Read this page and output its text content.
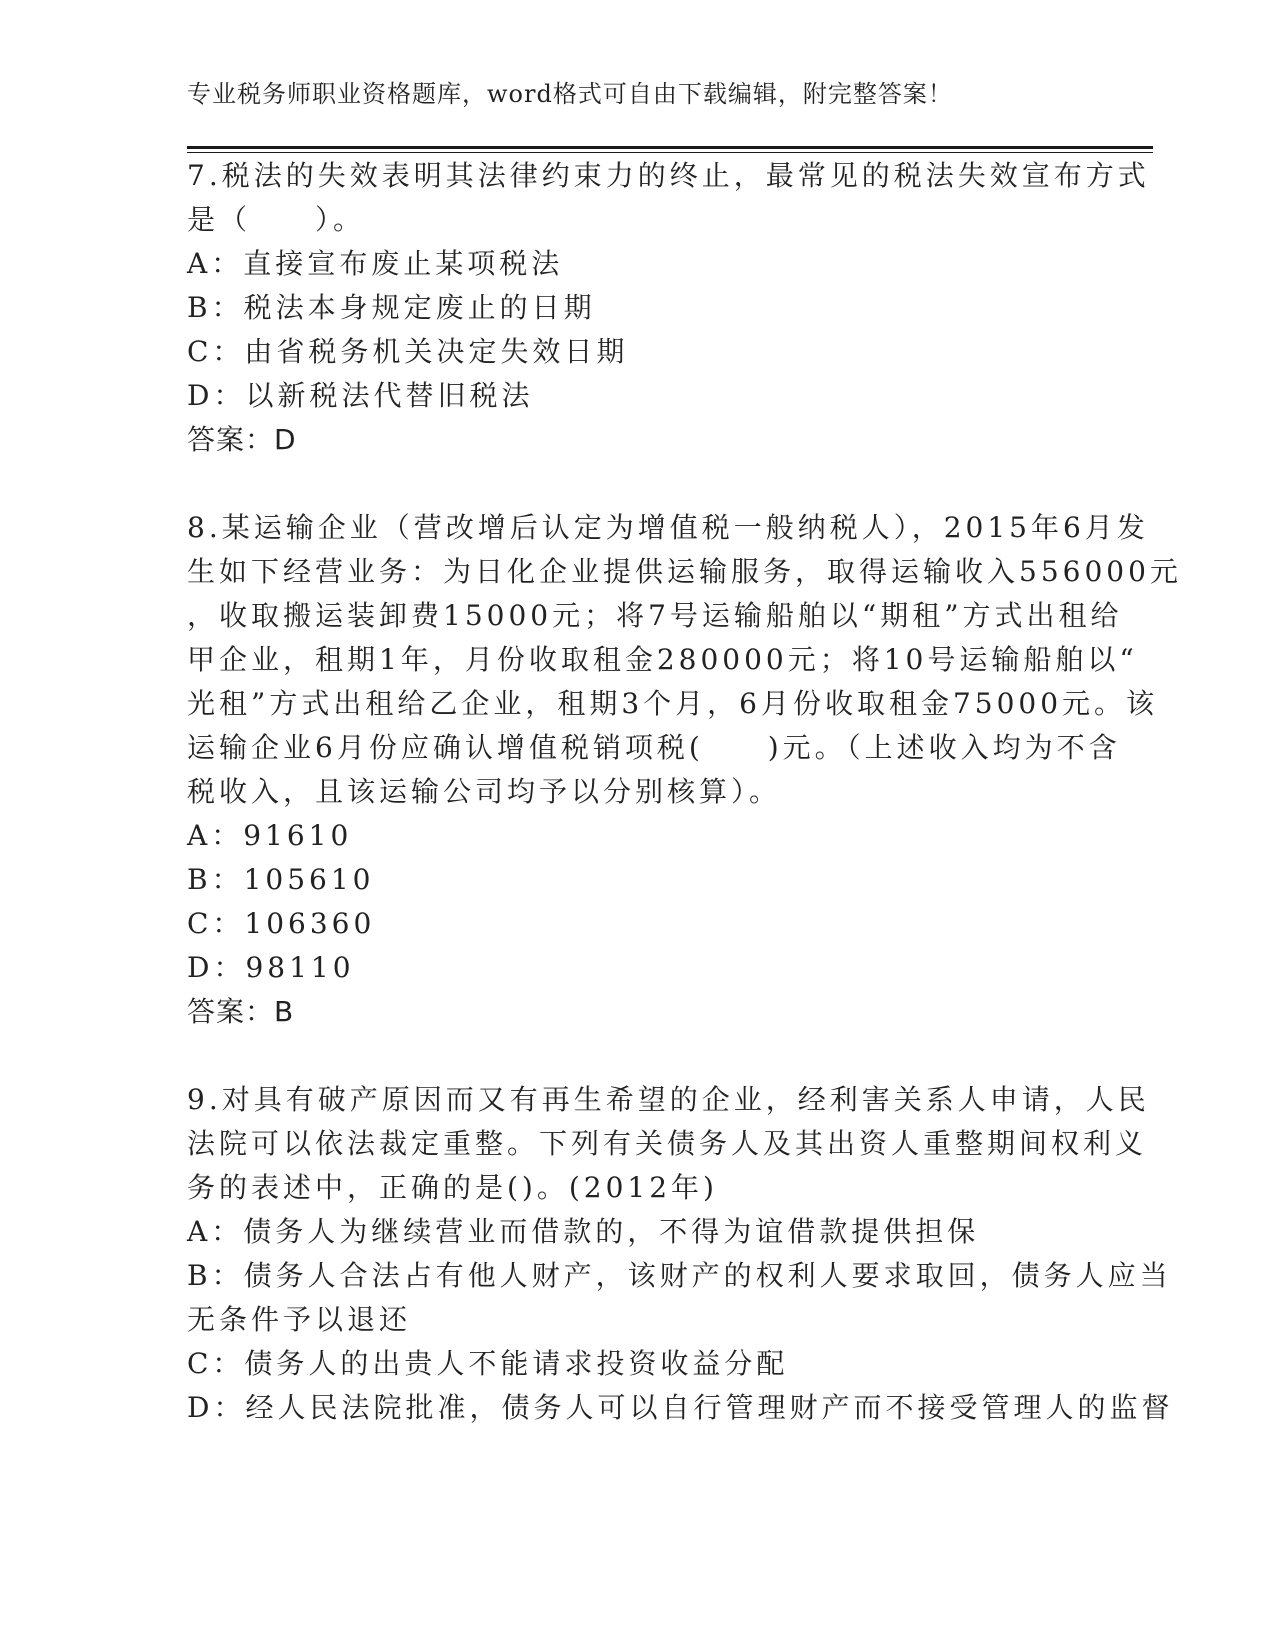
专业税务师职业资格题库，word格式可自由下载编辑，附完整答案！
7.税法的失效表明其法律约束力的终止，最常见的税法失效宣布方式
是（　　）。
A：直接宣布废止某项税法
B：税法本身规定废止的日期
C：由省税务机关决定失效日期
D：以新税法代替旧税法
答案：D
8.某运输企业（营改增后认定为增值税一般纳税人），2015年6月发
生如下经营业务：为日化企业提供运输服务，取得运输收入556000元
，收取搬运装卸费15000元；将7号运输船舶以“期租”方式出租给
甲企业，租期1年，月份收取租金280000元；将10号运输船舶以“
光租”方式出租给乙企业，租期3个月，6月份收取租金75000元。该
运输企业6月份应确认增值税销项税(　　)元。（上述收入均为不含
税收入，且该运输公司均予以分别核算）。
A：91610
B：105610
C：106360
D：98110
答案：B
9.对具有破产原因而又有再生希望的企业，经利害关系人申请，人民
法院可以依法裁定重整。下列有关债务人及其出资人重整期间权利义
务的表述中，正确的是()。(2012年)
A：债务人为继续营业而借款的，不得为谊借款提供担保
B：债务人合法占有他人财产，该财产的权利人要求取回，债务人应当
无条件予以退还
C：债务人的出贵人不能请求投资收益分配
D：经人民法院批准，债务人可以自行管理财产而不接受管理人的监督
